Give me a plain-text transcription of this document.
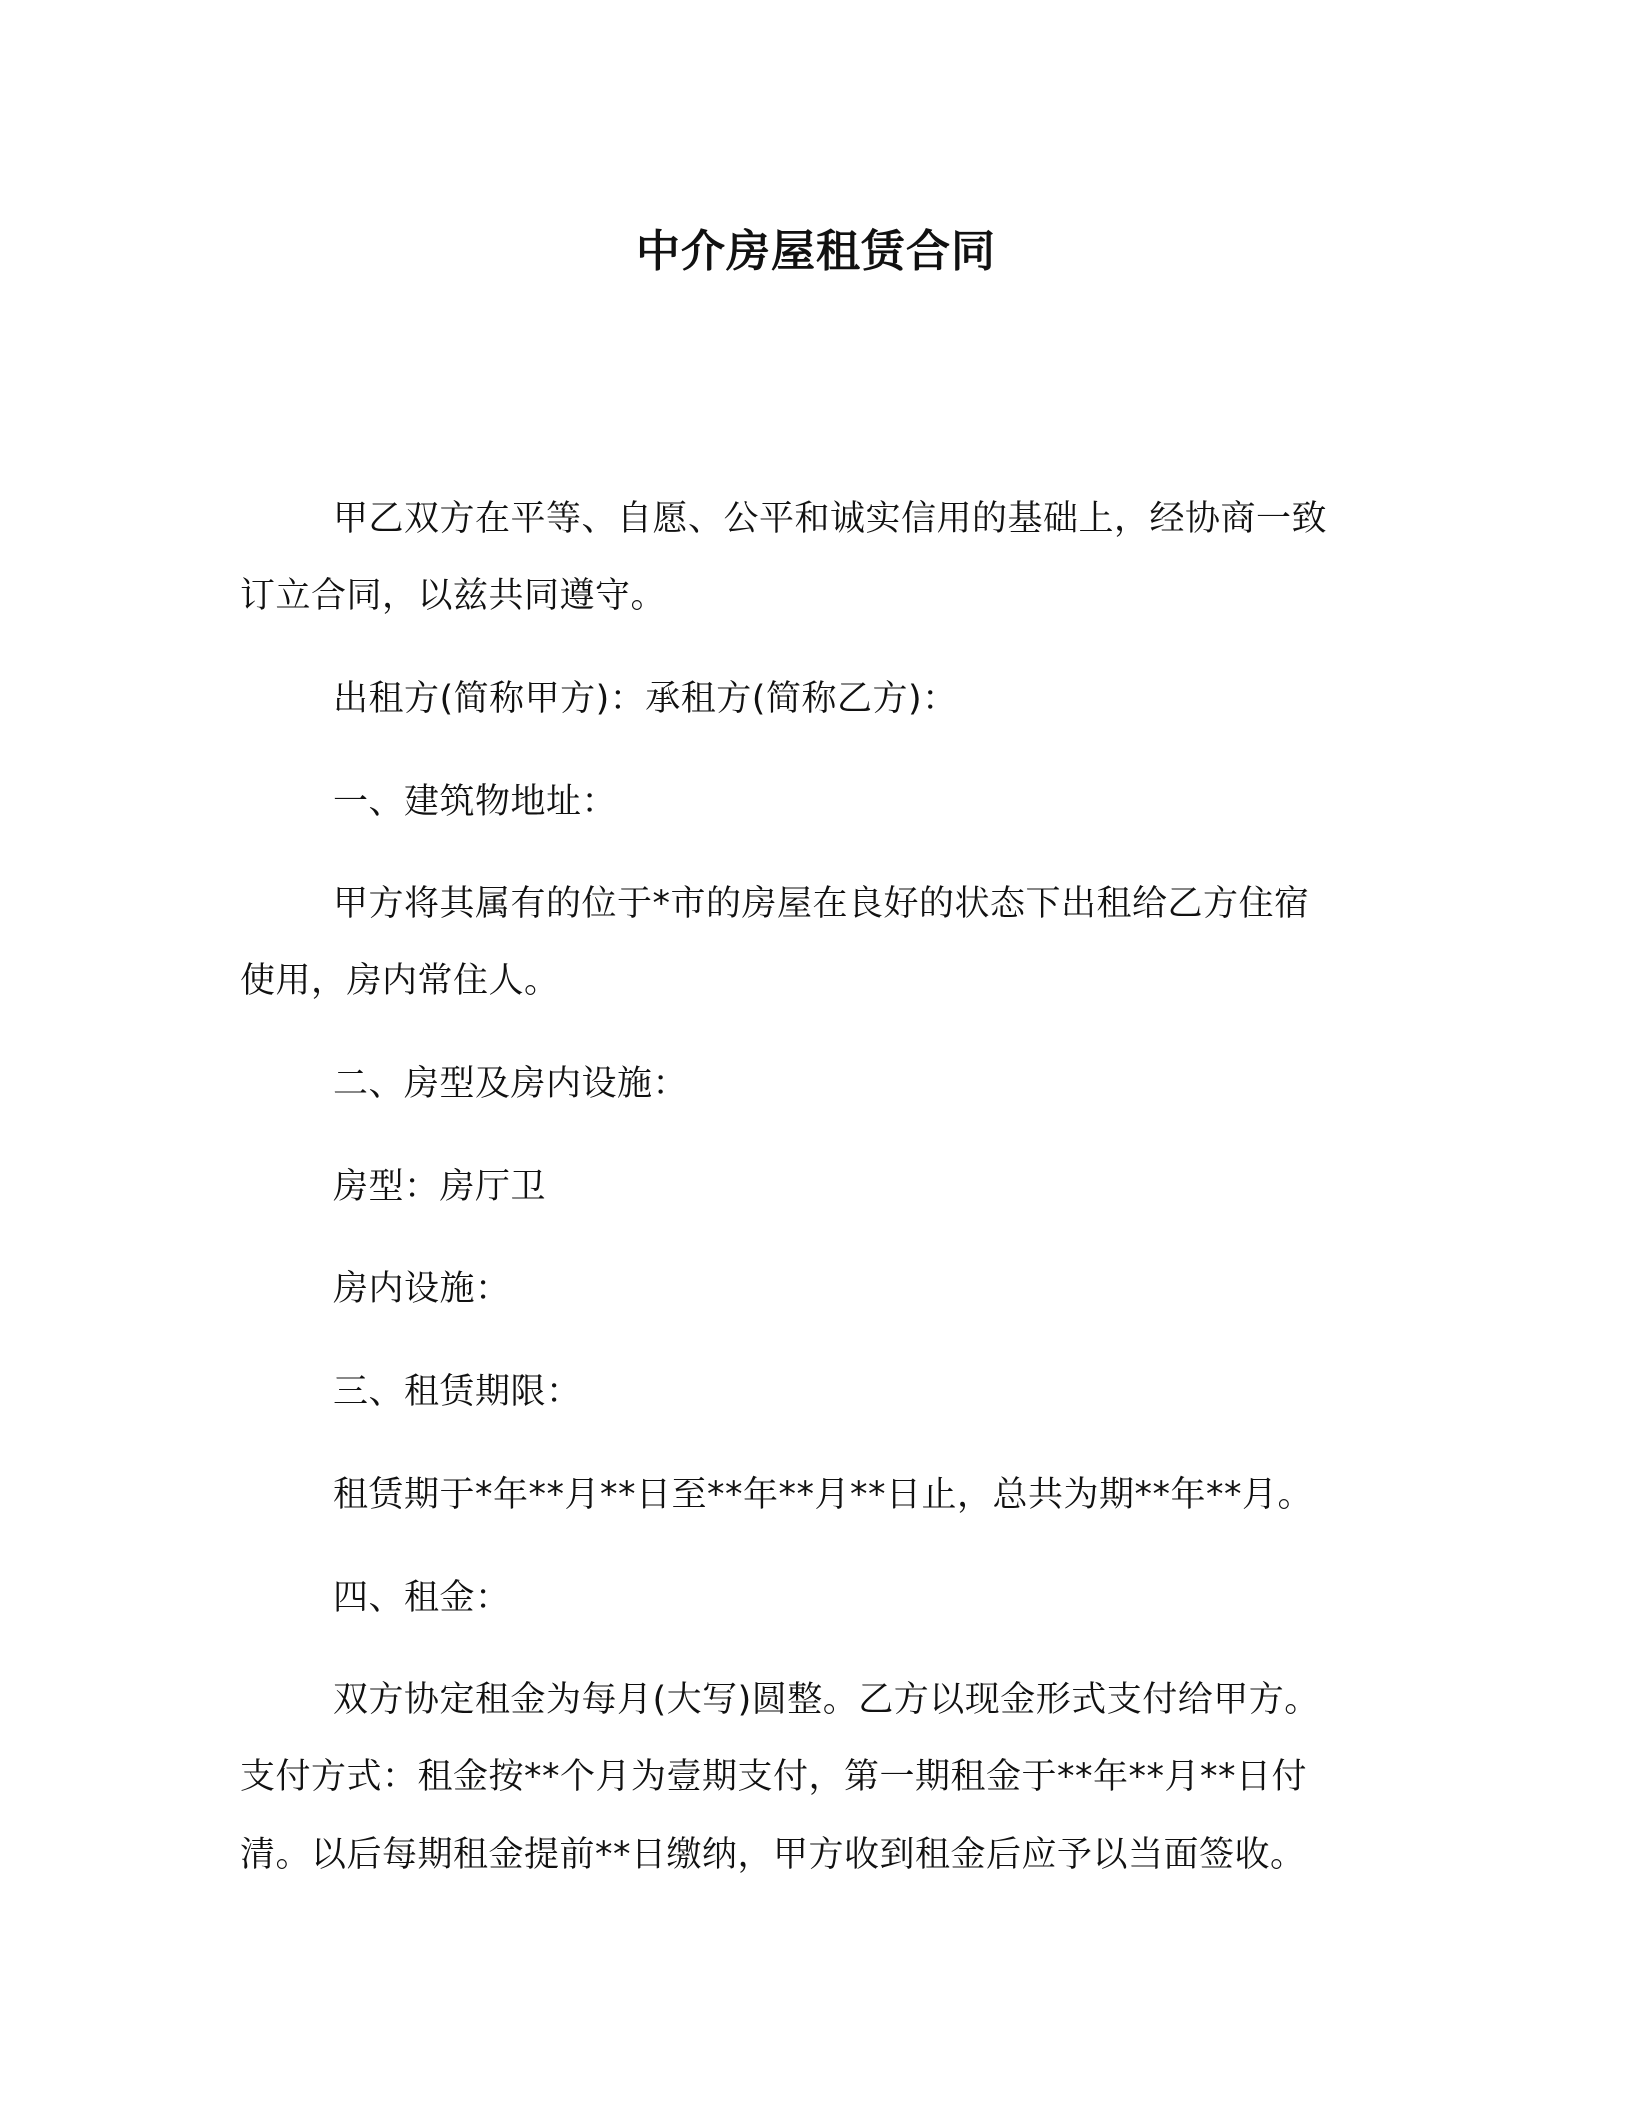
中介房屋租赁合同
甲乙双方在平等、自愿、公平和诚实信用的基础上，经协商一致
订立合同，以兹共同遵守。
出租方(简称甲方)：承租方(简称乙方)：
一、建筑物地址：
甲方将其属有的位于*市的房屋在良好的状态下出租给乙方住宿
使用，房内常住人。
二、房型及房内设施：
房型：房厅卫
房内设施：
三、租赁期限：
租赁期于*年**月**日至**年**月**日止，总共为期**年**月。
四、租金：
双方协定租金为每月(大写)圆整。乙方以现金形式支付给甲方。
支付方式：租金按**个月为壹期支付，第一期租金于**年**月**日付
清。以后每期租金提前**日缴纳，甲方收到租金后应予以当面签收。
